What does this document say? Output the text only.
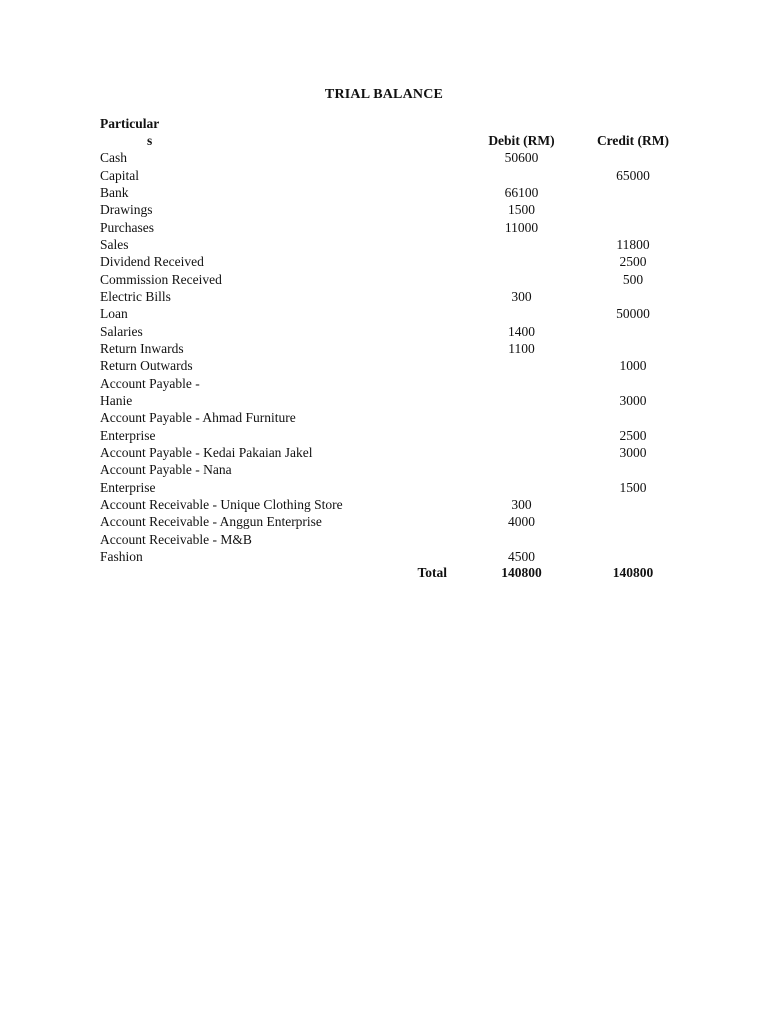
TRIAL BALANCE
Particular
s	Debit (RM)	Credit (RM)
Cash	50600	
Capital		65000
Bank	66100	
Drawings	1500	
Purchases	11000	
Sales		11800
Dividend Received		2500
Commission Received		500
Electric Bills	300	
Loan		50000
Salaries	1400	
Return Inwards	1100	
Return Outwards		1000
Account Payable -		
Hanie		3000
Account Payable - Ahmad Furniture		
Enterprise		2500
Account Payable - Kedai Pakaian Jakel		3000
Account Payable - Nana		
Enterprise		1500
Account Receivable - Unique Clothing Store	300	
Account Receivable - Anggun Enterprise	4000	
Account Receivable - M&B		
Fashion	4500	
Total	140800	140800
